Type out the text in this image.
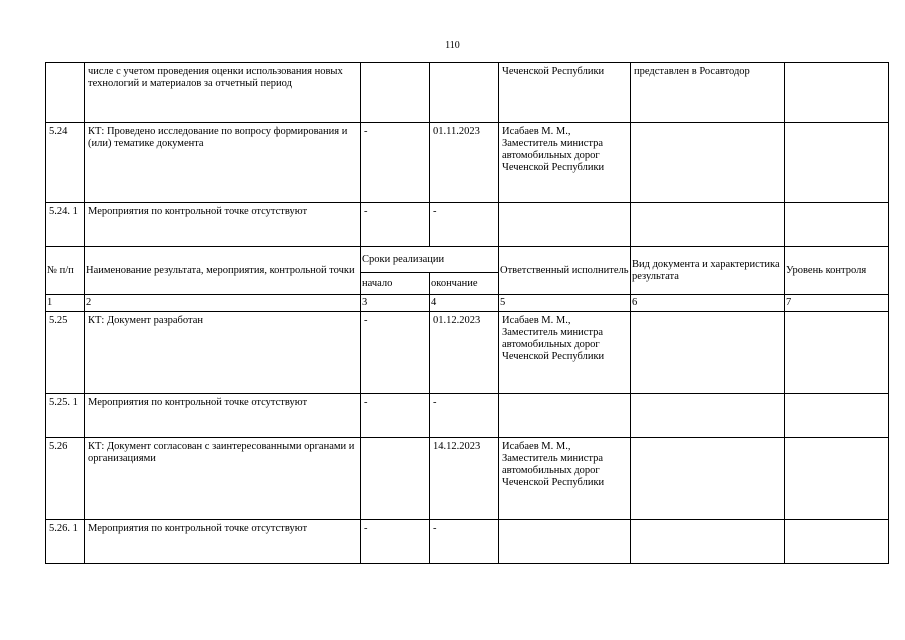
110
	числе с учетом проведения оценки использования новых технологий и материалов за отчетный период			Чеченской Республики	представлен в Росавтодор	
5.24	КТ: Проведено исследование по вопросу формирования и (или) тематике документа	-	01.11.2023	Исабаев М. М., Заместитель министра автомобильных дорог Чеченской Республики		
5.24. 1	Мероприятия по контрольной точке отсутствуют	-	-			
№ п/п	Наименование результата, мероприятия, контрольной точки	Сроки реализации		Ответственный исполнитель	Вид документа и характеристика результата	Уровень контроля
		начало	окончание			
1	2	3	4	5	6	7
5.25	КТ: Документ разработан	-	01.12.2023	Исабаев М. М., Заместитель министра автомобильных дорог Чеченской Республики		
5.25. 1	Мероприятия по контрольной точке отсутствуют	-	-			
5.26	КТ: Документ согласован с заинтересованными органами и организациями		14.12.2023	Исабаев М. М., Заместитель министра автомобильных дорог Чеченской Республики		
5.26. 1	Мероприятия по контрольной точке отсутствуют	-	-			
